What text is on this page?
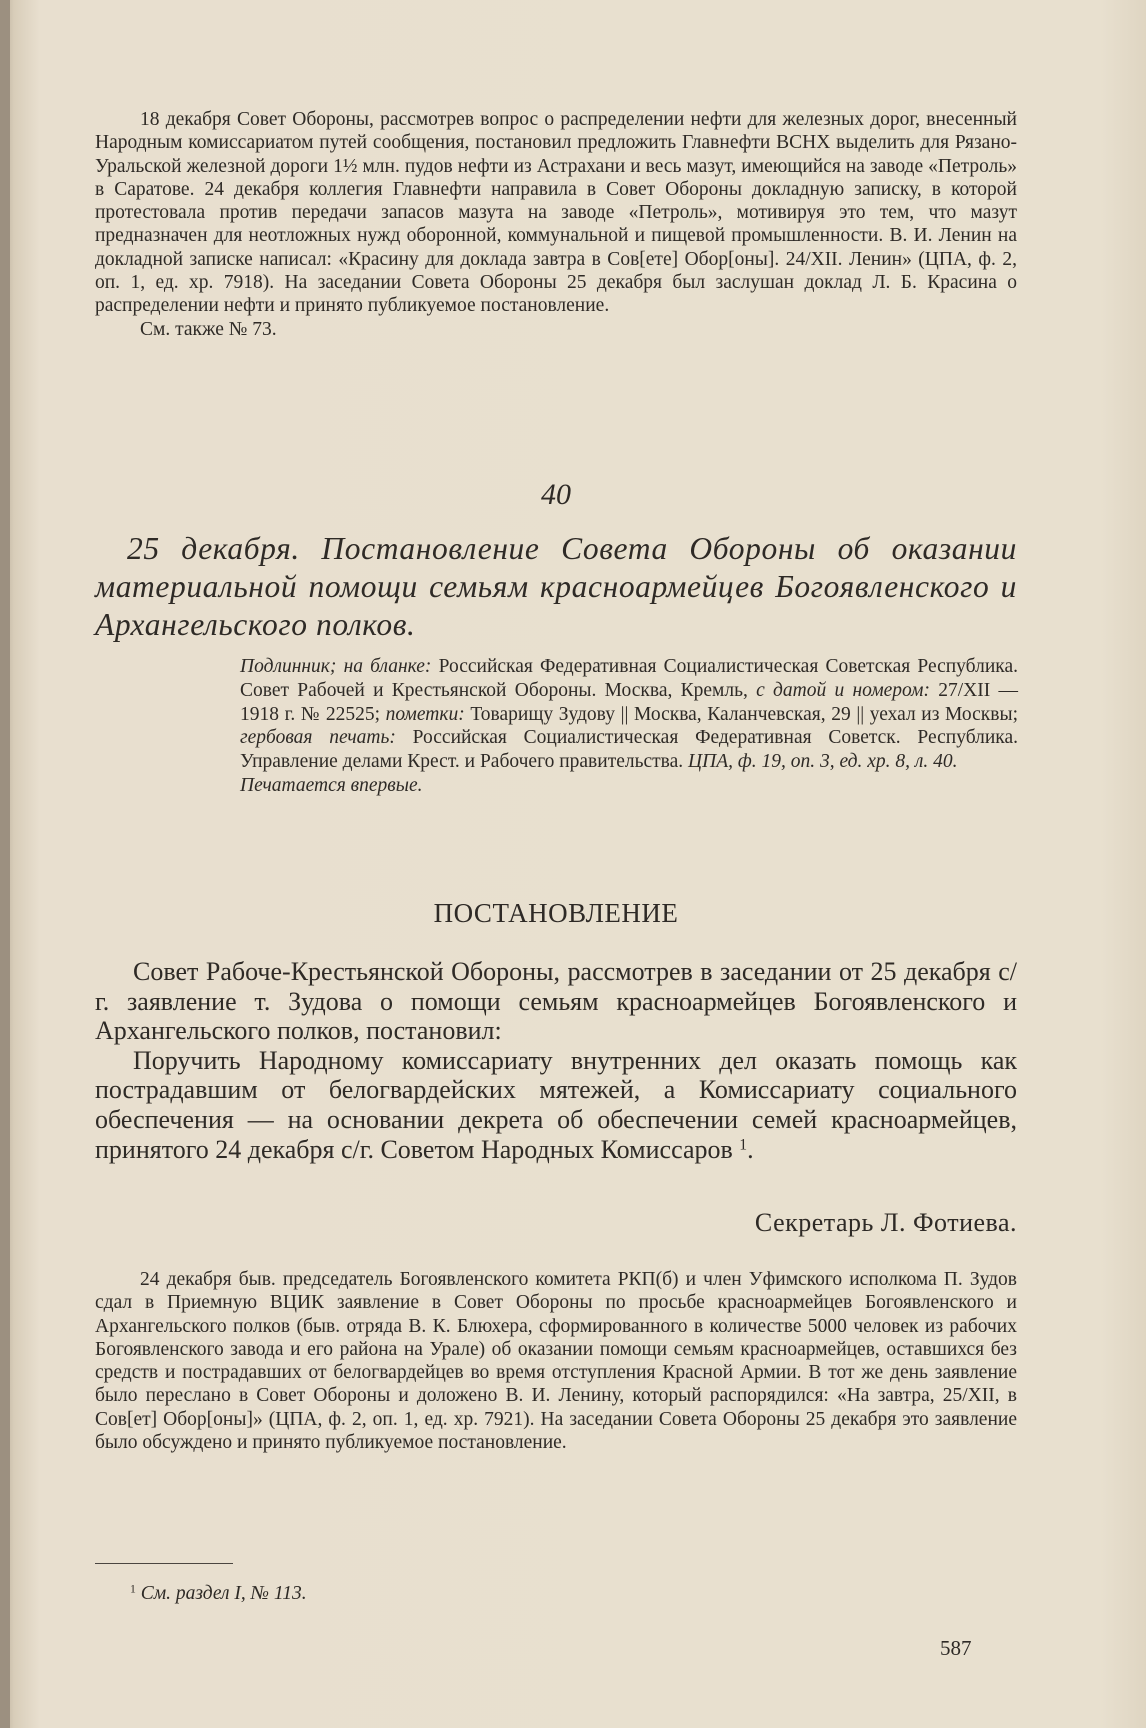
18 декабря Совет Обороны, рассмотрев вопрос о распределении нефти для железных дорог, внесенный Народным комиссариатом путей сообщения, постановил предложить Главнефти ВСНХ выделить для Рязано-Уральской железной дороги 1½ млн. пудов нефти из Астрахани и весь мазут, имеющийся на заводе «Петроль» в Саратове. 24 декабря коллегия Главнефти направила в Совет Обороны докладную записку, в которой протестовала против передачи запасов мазута на заводе «Петроль», мотивируя это тем, что мазут предназначен для неотложных нужд оборонной, коммунальной и пищевой промышленности. В. И. Ленин на докладной записке написал: «Красину для доклада завтра в Сов[ете] Обор[оны]. 24/XII. Ленин» (ЦПА, ф. 2, оп. 1, ед. хр. 7918). На заседании Совета Обороны 25 декабря был заслушан доклад Л. Б. Красина о распределении нефти и принято публикуемое постановление.

См. также № 73.

40
25 декабря. Постановление Совета Обороны об оказании материальной помощи семьям красноармейцев Богоявленского и Архангельского полков.

Подлинник; на бланке: Российская Федеративная Социалистическая Советская Республика. Совет Рабочей и Крестьянской Обороны. Москва, Кремль, с датой и номером: 27/XII — 1918 г. № 22525; пометки: Товарищу Зудову || Москва, Каланчевская, 29 || уехал из Москвы; гербовая печать: Российская Социалистическая Федеративная Советск. Республика. Управление делами Крест. и Рабочего правительства. ЦПА, ф. 19, оп. 3, ед. хр. 8, л. 40.

Печатается впервые.

ПОСТАНОВЛЕНИЕ

Совет Рабоче-Крестьянской Обороны, рассмотрев в заседании от 25 декабря с/г. заявление т. Зудова о помощи семьям красноармейцев Богоявленского и Архангельского полков, постановил:

Поручить Народному комиссариату внутренних дел оказать помощь как пострадавшим от белогвардейских мятежей, а Комиссариату социального обеспечения — на основании декрета об обеспечении семей красноармейцев, принятого 24 декабря с/г. Советом Народных Комиссаров $^1$.

Секретарь Л. Фотиева.

24 декабря быв. председатель Богоявленского комитета РКП(б) и член Уфимского исполкома П. Зудов сдал в Приемную ВЦИК заявление в Совет Обороны по просьбе красноармейцев Богоявленского и Архангельского полков (быв. отряда В. К. Блюхера, сформированного в количестве 5000 человек из рабочих Богоявленского завода и его района на Урале) об оказании помощи семьям красноармейцев, оставшихся без средств и пострадавших от белогвардейцев во время отступления Красной Армии. В тот же день заявление было переслано в Совет Обороны и доложено В. И. Ленину, который распорядился: «На завтра, 25/XII, в Сов[ет] Обор[оны]» (ЦПА, ф. 2, оп. 1, ед. хр. 7921). На заседании Совета Обороны 25 декабря это заявление было обсуждено и принято публикуемое постановление.

$^1$ См. раздел I, № 113.
587
